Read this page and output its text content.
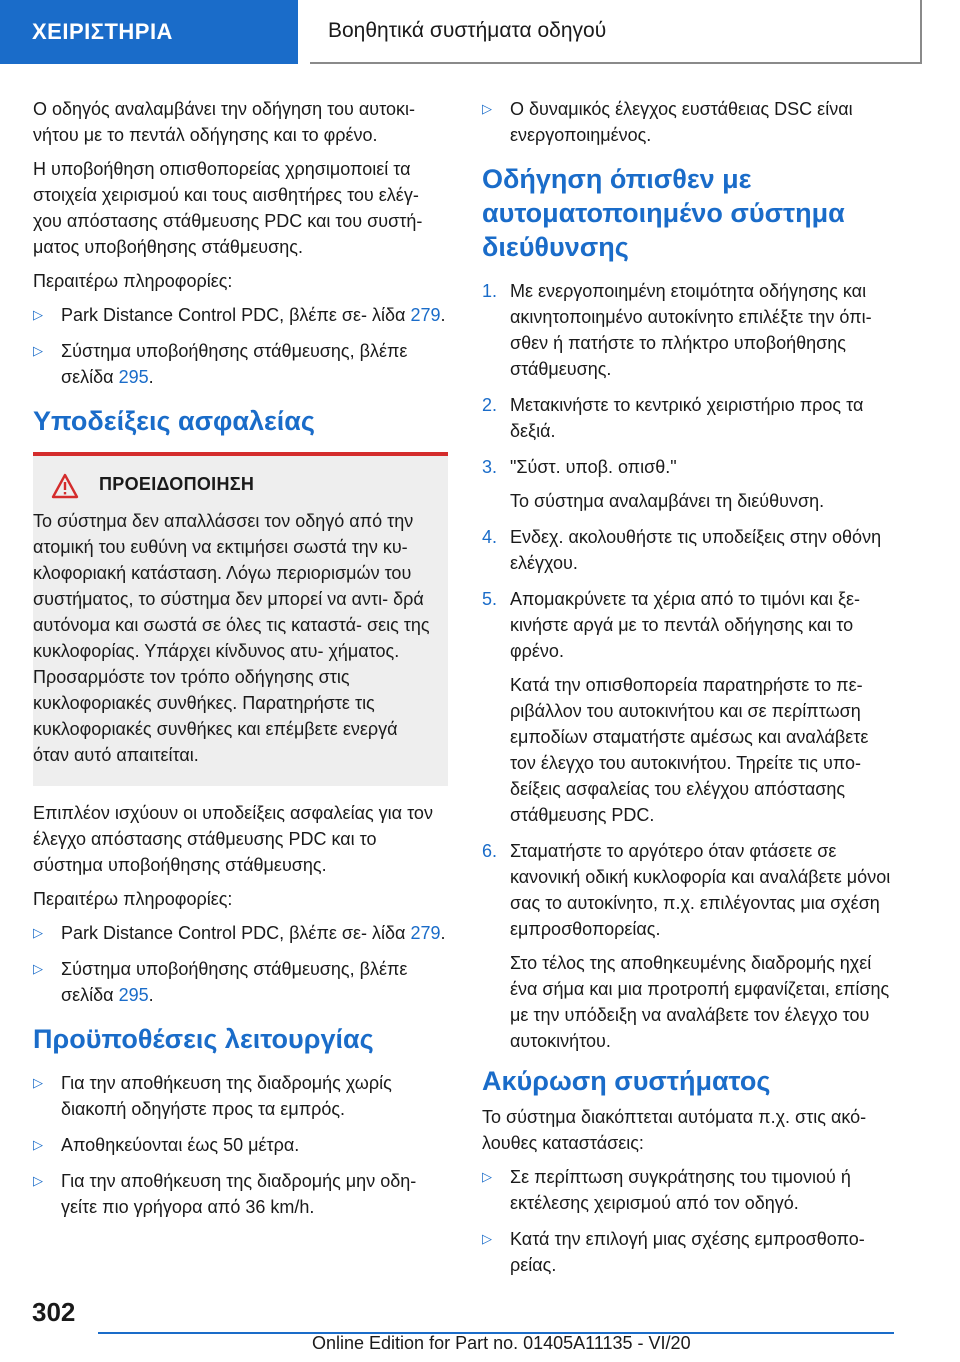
ΧΕΙΡΙΣΤΗΡΙΑ	Βοηθητικά συστήματα οδηγού

Ο οδηγός αναλαμβάνει την οδήγηση του αυτοκι‐ νήτου με το πεντάλ οδήγησης και το φρένο.

Η υποβοήθηση οπισθοπορείας χρησιμοποιεί τα στοιχεία χειρισμού και τους αισθητήρες του ελέγ‐ χου απόστασης στάθμευσης PDC και του συστή‐ ματος υποβοήθησης στάθμευσης.

Περαιτέρω πληροφορίες:

▷ Park Distance Control PDC, βλέπε σε‐ λίδα 279.
▷ Σύστημα υποβοήθησης στάθμευσης, βλέπε σελίδα 295.
Υποδείξεις ασφαλείας
ΠΡΟΕΙΔΟΠΟΙΗΣΗ

Το σύστημα δεν απαλλάσσει τον οδηγό από την ατομική του ευθύνη να εκτιμήσει σωστά την κυ‐ κλοφοριακή κατάσταση. Λόγω περιορισμών του συστήματος, το σύστημα δεν μπορεί να αντι‐ δρά αυτόνομα και σωστά σε όλες τις καταστά‐ σεις της κυκλοφορίας. Υπάρχει κίνδυνος ατυ‐ χήματος. Προσαρμόστε τον τρόπο οδήγησης στις κυκλοφοριακές συνθήκες. Παρατηρήστε τις κυκλοφοριακές συνθήκες και επέμβετε ενεργά όταν αυτό απαιτείται.

Επιπλέον ισχύουν οι υποδείξεις ασφαλείας για τον έλεγχο απόστασης στάθμευσης PDC και το σύστημα υποβοήθησης στάθμευσης.

Περαιτέρω πληροφορίες:

▷ Park Distance Control PDC, βλέπε σε‐ λίδα 279.
▷ Σύστημα υποβοήθησης στάθμευσης, βλέπε σελίδα 295.
Προϋποθέσεις λειτουργίας
▷ Για την αποθήκευση της διαδρομής χωρίς διακοπή οδηγήστε προς τα εμπρός.
▷ Αποθηκεύονται έως 50 μέτρα.
▷ Για την αποθήκευση της διαδρομής μην οδη‐ γείτε πιο γρήγορα από 36 km/h.
▷ Ο δυναμικός έλεγχος ευστάθειας DSC είναι ενεργοποιημένος.
Οδήγηση όπισθεν με αυτοματοποιημένο σύστημα διεύθυνσης
1. Με ενεργοποιημένη ετοιμότητα οδήγησης και ακινητοποιημένο αυτοκίνητο επιλέξτε την όπι‐ σθεν ή πατήστε το πλήκτρο υποβοήθησης στάθμευσης.
2. Μετακινήστε το κεντρικό χειριστήριο προς τα δεξιά.
3. "Σύστ. υποβ. οπισθ."
Το σύστημα αναλαμβάνει τη διεύθυνση.
4. Ενδεχ. ακολουθήστε τις υποδείξεις στην οθόνη ελέγχου.
5. Απομακρύνετε τα χέρια από το τιμόνι και ξε‐ κινήστε αργά με το πεντάλ οδήγησης και το φρένο.
Κατά την οπισθοπορεία παρατηρήστε το πε‐ ριβάλλον του αυτοκινήτου και σε περίπτωση εμποδίων σταματήστε αμέσως και αναλάβετε τον έλεγχο του αυτοκινήτου. Τηρείτε τις υπο‐ δείξεις ασφαλείας του ελέγχου απόστασης στάθμευσης PDC.
6. Σταματήστε το αργότερο όταν φτάσετε σε κανονική οδική κυκλοφορία και αναλάβετε μόνοι σας το αυτοκίνητο, π.χ. επιλέγοντας μια σχέση εμπροσθοπορείας.
Στο τέλος της αποθηκευμένης διαδρομής ηχεί ένα σήμα και μια προτροπή εμφανίζεται, επίσης με την υπόδειξη να αναλάβετε τον έλεγχο του αυτοκινήτου.
Ακύρωση συστήματος

Το σύστημα διακόπτεται αυτόματα π.χ. στις ακό‐ λουθες καταστάσεις:

▷ Σε περίπτωση συγκράτησης του τιμονιού ή εκτέλεσης χειρισμού από τον οδηγό.
▷ Κατά την επιλογή μιας σχέσης εμπροσθοπο‐ ρείας.
302
Online Edition for Part no. 01405A11135 - VI/20
